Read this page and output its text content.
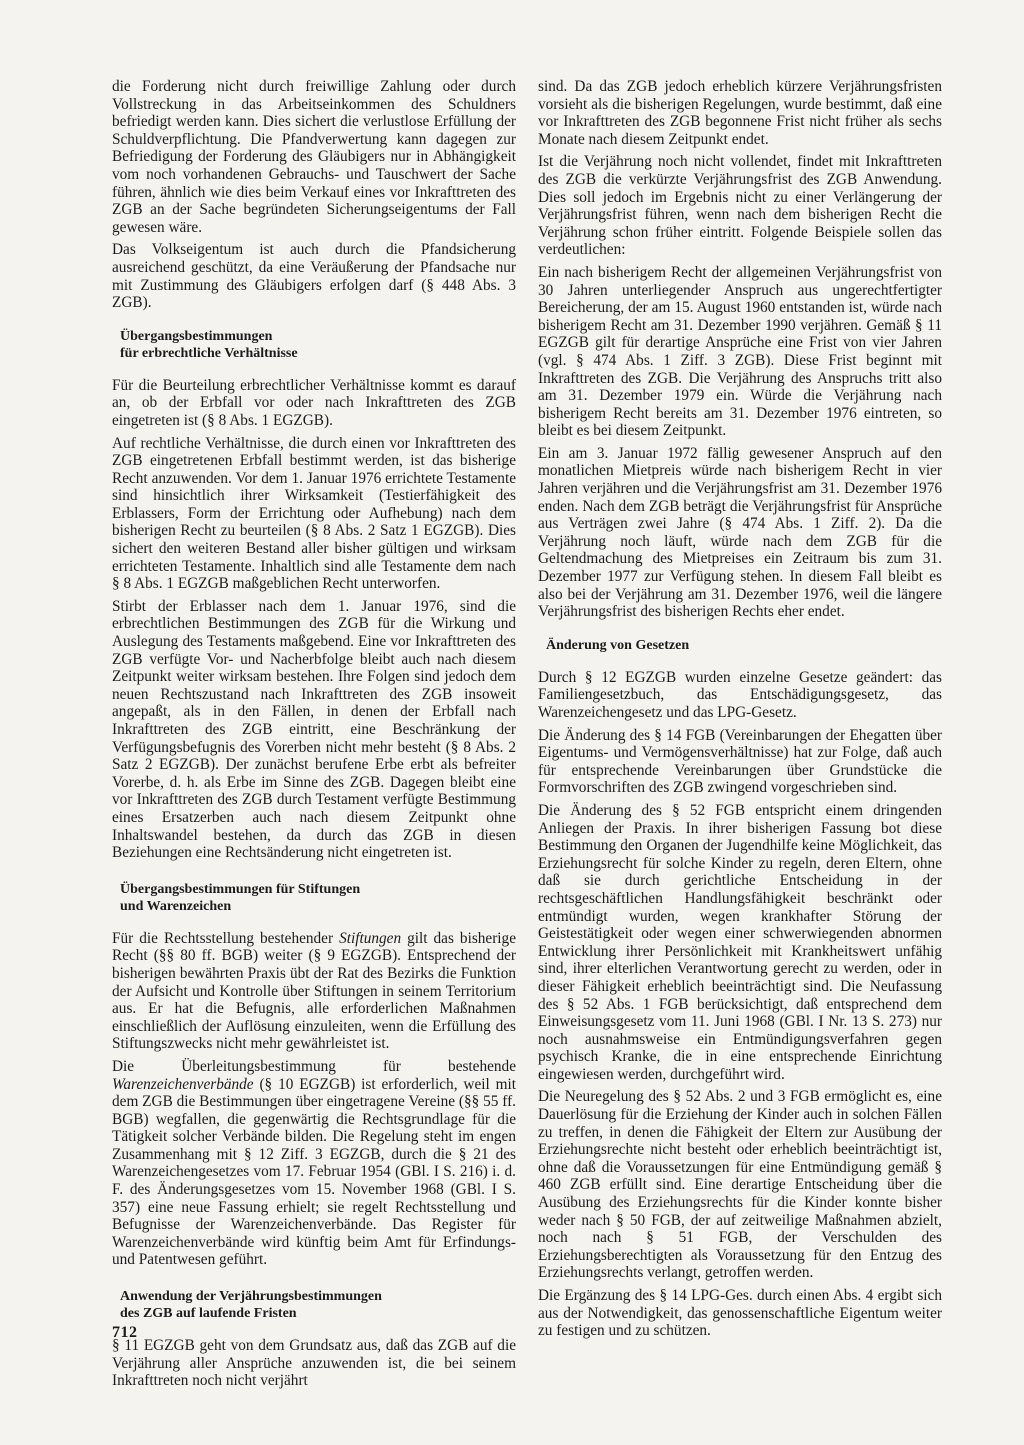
die Forderung nicht durch freiwillige Zahlung oder durch Vollstreckung in das Arbeitseinkommen des Schuldners befriedigt werden kann. Dies sichert die verlustlose Erfüllung der Schuldverpflichtung. Die Pfandverwertung kann dagegen zur Befriedigung der Forderung des Gläubigers nur in Abhängigkeit vom noch vorhandenen Gebrauchs- und Tauschwert der Sache führen, ähnlich wie dies beim Verkauf eines vor Inkrafttreten des ZGB an der Sache begründeten Sicherungseigentums der Fall gewesen wäre.

Das Volkseigentum ist auch durch die Pfandsicherung ausreichend geschützt, da eine Veräußerung der Pfandsache nur mit Zustimmung des Gläubigers erfolgen darf (§ 448 Abs. 3 ZGB).

Übergangsbestimmungen
für erbrechtliche Verhältnisse

Für die Beurteilung erbrechtlicher Verhältnisse kommt es darauf an, ob der Erbfall vor oder nach Inkrafttreten des ZGB eingetreten ist (§ 8 Abs. 1 EGZGB).

Auf rechtliche Verhältnisse, die durch einen vor Inkrafttreten des ZGB eingetretenen Erbfall bestimmt werden, ist das bisherige Recht anzuwenden. Vor dem 1. Januar 1976 errichtete Testamente sind hinsichtlich ihrer Wirksamkeit (Testierfähigkeit des Erblassers, Form der Errichtung oder Aufhebung) nach dem bisherigen Recht zu beurteilen (§ 8 Abs. 2 Satz 1 EGZGB). Dies sichert den weiteren Bestand aller bisher gültigen und wirksam errichteten Testamente. Inhaltlich sind alle Testamente dem nach § 8 Abs. 1 EGZGB maßgeblichen Recht unterworfen.

Stirbt der Erblasser nach dem 1. Januar 1976, sind die erbrechtlichen Bestimmungen des ZGB für die Wirkung und Auslegung des Testaments maßgebend. Eine vor Inkrafttreten des ZGB verfügte Vor- und Nacherbfolge bleibt auch nach diesem Zeitpunkt weiter wirksam bestehen. Ihre Folgen sind jedoch dem neuen Rechtszustand nach Inkrafttreten des ZGB insoweit angepaßt, als in den Fällen, in denen der Erbfall nach Inkrafttreten des ZGB eintritt, eine Beschränkung der Verfügungsbefugnis des Vorerben nicht mehr besteht (§ 8 Abs. 2 Satz 2 EGZGB). Der zunächst berufene Erbe erbt als befreiter Vorerbe, d. h. als Erbe im Sinne des ZGB. Dagegen bleibt eine vor Inkrafttreten des ZGB durch Testament verfügte Bestimmung eines Ersatzerben auch nach diesem Zeitpunkt ohne Inhaltswandel bestehen, da durch das ZGB in diesen Beziehungen eine Rechtsänderung nicht eingetreten ist.

Übergangsbestimmungen für Stiftungen
und Warenzeichen

Für die Rechtsstellung bestehender Stiftungen gilt das bisherige Recht (§§ 80 ff. BGB) weiter (§ 9 EGZGB). Entsprechend der bisherigen bewährten Praxis übt der Rat des Bezirks die Funktion der Aufsicht und Kontrolle über Stiftungen in seinem Territorium aus. Er hat die Befugnis, alle erforderlichen Maßnahmen einschließlich der Auflösung einzuleiten, wenn die Erfüllung des Stiftungszwecks nicht mehr gewährleistet ist.

Die Überleitungsbestimmung für bestehende Warenzeichenverbände (§ 10 EGZGB) ist erforderlich, weil mit dem ZGB die Bestimmungen über eingetragene Vereine (§§ 55 ff. BGB) wegfallen, die gegenwärtig die Rechtsgrundlage für die Tätigkeit solcher Verbände bilden. Die Regelung steht im engen Zusammenhang mit § 12 Ziff. 3 EGZGB, durch die § 21 des Warenzeichengesetzes vom 17. Februar 1954 (GBl. I S. 216) i. d. F. des Änderungsgesetzes vom 15. November 1968 (GBl. I S. 357) eine neue Fassung erhielt; sie regelt Rechtsstellung und Befugnisse der Warenzeichenverbände. Das Register für Warenzeichenverbände wird künftig beim Amt für Erfindungs- und Patentwesen geführt.

Anwendung der Verjährungsbestimmungen
des ZGB auf laufende Fristen

§ 11 EGZGB geht von dem Grundsatz aus, daß das ZGB auf die Verjährung aller Ansprüche anzuwenden ist, die bei seinem Inkrafttreten noch nicht verjährt

sind. Da das ZGB jedoch erheblich kürzere Verjährungsfristen vorsieht als die bisherigen Regelungen, wurde bestimmt, daß eine vor Inkrafttreten des ZGB begonnene Frist nicht früher als sechs Monate nach diesem Zeitpunkt endet.

Ist die Verjährung noch nicht vollendet, findet mit Inkrafttreten des ZGB die verkürzte Verjährungsfrist des ZGB Anwendung. Dies soll jedoch im Ergebnis nicht zu einer Verlängerung der Verjährungsfrist führen, wenn nach dem bisherigen Recht die Verjährung schon früher eintritt. Folgende Beispiele sollen das verdeutlichen:

Ein nach bisherigem Recht der allgemeinen Verjährungsfrist von 30 Jahren unterliegender Anspruch aus ungerechtfertigter Bereicherung, der am 15. August 1960 entstanden ist, würde nach bisherigem Recht am 31. Dezember 1990 verjähren. Gemäß § 11 EGZGB gilt für derartige Ansprüche eine Frist von vier Jahren (vgl. § 474 Abs. 1 Ziff. 3 ZGB). Diese Frist beginnt mit Inkrafttreten des ZGB. Die Verjährung des Anspruchs tritt also am 31. Dezember 1979 ein. Würde die Verjährung nach bisherigem Recht bereits am 31. Dezember 1976 eintreten, so bleibt es bei diesem Zeitpunkt.

Ein am 3. Januar 1972 fällig gewesener Anspruch auf den monatlichen Mietpreis würde nach bisherigem Recht in vier Jahren verjähren und die Verjährungsfrist am 31. Dezember 1976 enden. Nach dem ZGB beträgt die Verjährungsfrist für Ansprüche aus Verträgen zwei Jahre (§ 474 Abs. 1 Ziff. 2). Da die Verjährung noch läuft, würde nach dem ZGB für die Geltendmachung des Mietpreises ein Zeitraum bis zum 31. Dezember 1977 zur Verfügung stehen. In diesem Fall bleibt es also bei der Verjährung am 31. Dezember 1976, weil die längere Verjährungsfrist des bisherigen Rechts eher endet.

Änderung von Gesetzen

Durch § 12 EGZGB wurden einzelne Gesetze geändert: das Familiengesetzbuch, das Entschädigungsgesetz, das Warenzeichengesetz und das LPG-Gesetz.

Die Änderung des § 14 FGB (Vereinbarungen der Ehegatten über Eigentums- und Vermögensverhältnisse) hat zur Folge, daß auch für entsprechende Vereinbarungen über Grundstücke die Formvorschriften des ZGB zwingend vorgeschrieben sind.

Die Änderung des § 52 FGB entspricht einem dringenden Anliegen der Praxis. In ihrer bisherigen Fassung bot diese Bestimmung den Organen der Jugendhilfe keine Möglichkeit, das Erziehungsrecht für solche Kinder zu regeln, deren Eltern, ohne daß sie durch gerichtliche Entscheidung in der rechtsgeschäftlichen Handlungsfähigkeit beschränkt oder entmündigt wurden, wegen krankhafter Störung der Geistestätigkeit oder wegen einer schwerwiegenden abnormen Entwicklung ihrer Persönlichkeit mit Krankheitswert unfähig sind, ihrer elterlichen Verantwortung gerecht zu werden, oder in dieser Fähigkeit erheblich beeinträchtigt sind. Die Neufassung des § 52 Abs. 1 FGB berücksichtigt, daß entsprechend dem Einweisungsgesetz vom 11. Juni 1968 (GBl. I Nr. 13 S. 273) nur noch ausnahmsweise ein Entmündigungsverfahren gegen psychisch Kranke, die in eine entsprechende Einrichtung eingewiesen werden, durchgeführt wird.

Die Neuregelung des § 52 Abs. 2 und 3 FGB ermöglicht es, eine Dauerlösung für die Erziehung der Kinder auch in solchen Fällen zu treffen, in denen die Fähigkeit der Eltern zur Ausübung der Erziehungsrechte nicht besteht oder erheblich beeinträchtigt ist, ohne daß die Voraussetzungen für eine Entmündigung gemäß § 460 ZGB erfüllt sind. Eine derartige Entscheidung über die Ausübung des Erziehungsrechts für die Kinder konnte bisher weder nach § 50 FGB, der auf zeitweilige Maßnahmen abzielt, noch nach § 51 FGB, der Verschulden des Erziehungsberechtigten als Voraussetzung für den Entzug des Erziehungsrechts verlangt, getroffen werden.

Die Ergänzung des § 14 LPG-Ges. durch einen Abs. 4 ergibt sich aus der Notwendigkeit, das genossenschaftliche Eigentum weiter zu festigen und zu schützen.

712
